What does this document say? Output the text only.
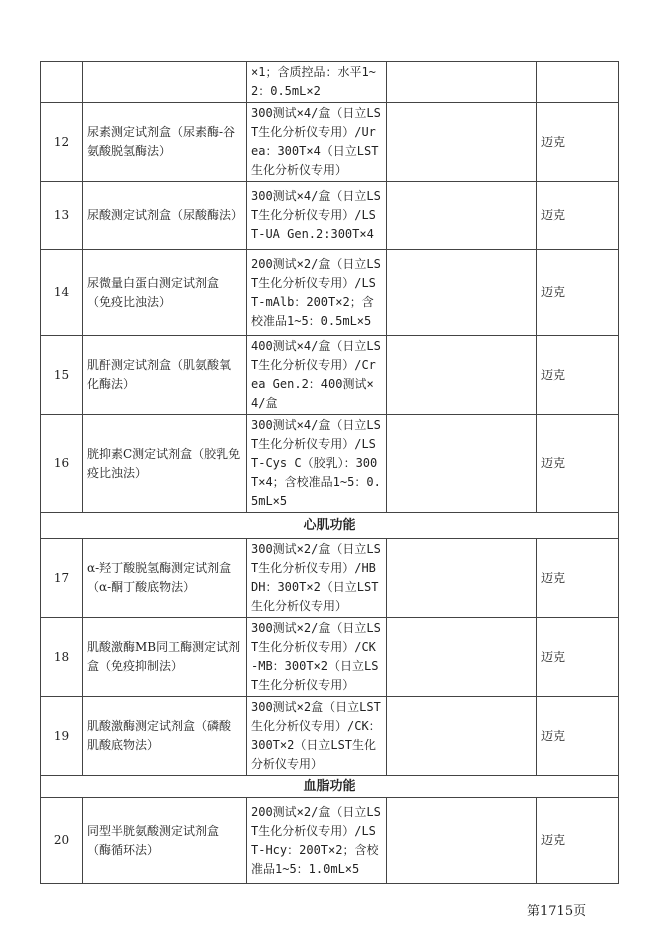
		×1；含质控品：水平1~2：0.5mL×2		
12	尿素测定试剂盒（尿素酶-谷氨酸脱氢酶法）	300测试×4/盒（日立LST生化分析仪专用）/Urea：300T×4（日立LST生化分析仪专用）		迈克
13	尿酸测定试剂盒（尿酸酶法）	300测试×4/盒（日立LST生化分析仪专用）/LST-UA Gen.2:300T×4		迈克
14	尿微量白蛋白测定试剂盒（免疫比浊法）	200测试×2/盒（日立LST生化分析仪专用）/LST-mAlb：200T×2；含校准品1~5：0.5mL×5		迈克
15	肌酐测定试剂盒（肌氨酸氧化酶法）	400测试×4/盒（日立LST生化分析仪专用）/Crea Gen.2：400测试×4/盒		迈克
16	胱抑素C测定试剂盒（胶乳免疫比浊法）	300测试×4/盒（日立LST生化分析仪专用）/LST-Cys C（胶乳）：300T×4；含校准品1~5：0.5mL×5		迈克
心肌功能				
17	α-羟丁酸脱氢酶测定试剂盒（α-酮丁酸底物法）	300测试×2/盒（日立LST生化分析仪专用）/HBDH：300T×2（日立LST生化分析仪专用）		迈克
18	肌酸激酶MB同工酶测定试剂盒（免疫抑制法）	300测试×2/盒（日立LST生化分析仪专用）/CK-MB：300T×2（日立LST生化分析仪专用）		迈克
19	肌酸激酶测定试剂盒（磷酸肌酸底物法）	300测试×2盒（日立LST生化分析仪专用）/CK：300T×2（日立LST生化分析仪专用）		迈克
血脂功能				
20	同型半胱氨酸测定试剂盒（酶循环法）	200测试×2/盒（日立LST生化分析仪专用）/LST-Hcy：200T×2；含校准品1~5：1.0mL×5		迈克
第1715页
